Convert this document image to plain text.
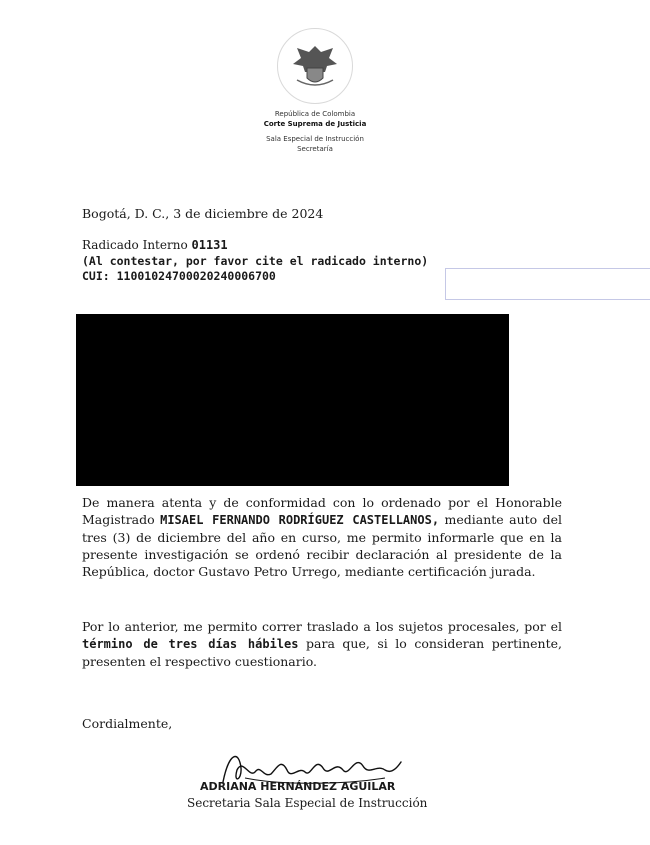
República de Colombia
Corte Suprema de Justicia
Sala Especial de Instrucción
Secretaría
Bogotá, D. C., 3 de diciembre de 2024
Radicado Interno 01131
(Al contestar, por favor cite el radicado interno)
CUI: 11001024700020240006700
De manera atenta y de conformidad con lo ordenado por el Honorable Magistrado MISAEL FERNANDO RODRÍGUEZ CASTELLANOS, mediante auto del tres (3) de diciembre del año en curso, me permito informarle que en la presente investigación se ordenó recibir declaración al presidente de la República, doctor Gustavo Petro Urrego, mediante certificación jurada.
Por lo anterior, me permito correr traslado a los sujetos procesales, por el término de tres días hábiles para que, si lo consideran pertinente, presenten el respectivo cuestionario.
Cordialmente,
ADRIANA HERNÁNDEZ AGUILAR
Secretaria Sala Especial de Instrucción
